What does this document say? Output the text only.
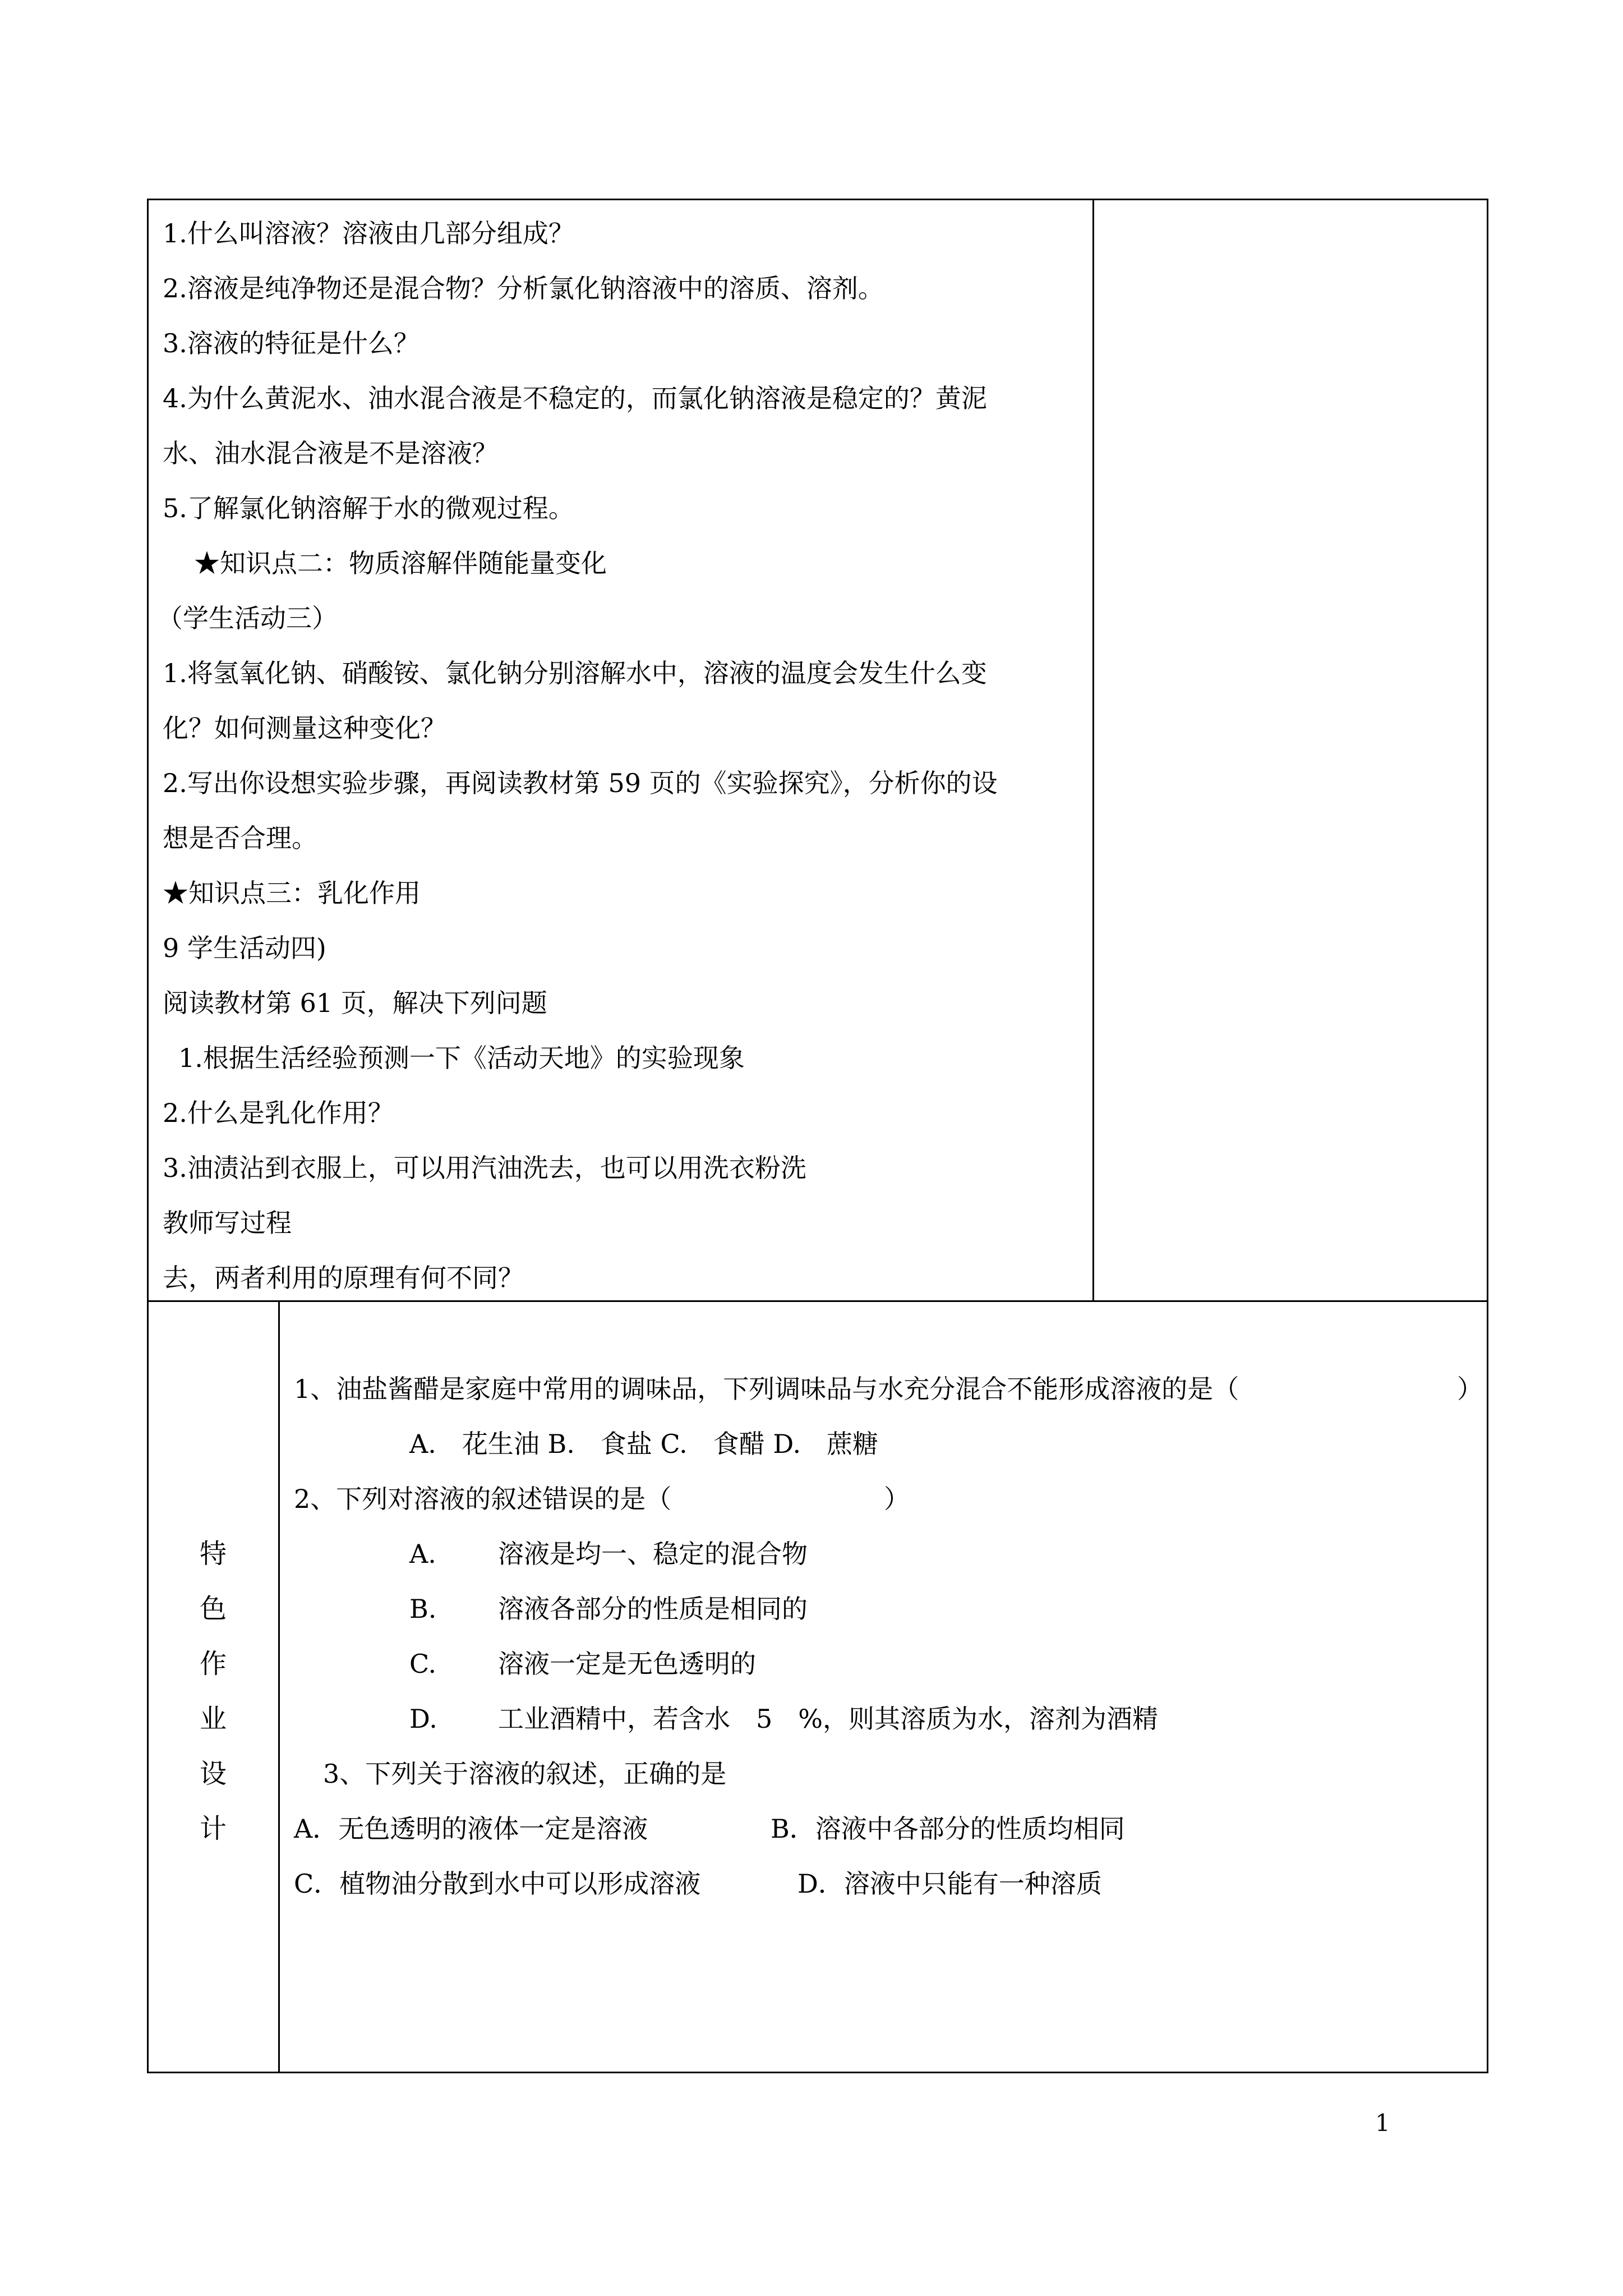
1.什么叫溶液？溶液由几部分组成？
2.溶液是纯净物还是混合物？分析氯化钠溶液中的溶质、溶剂。
3.溶液的特征是什么？
4.为什么黄泥水、油水混合液是不稳定的，而氯化钠溶液是稳定的？黄泥
水、油水混合液是不是溶液？
5.了解氯化钠溶解于水的微观过程。
★知识点二：物质溶解伴随能量变化
（学生活动三）
1.将氢氧化钠、硝酸铵、氯化钠分别溶解水中，溶液的温度会发生什么变
化？如何测量这种变化？
2.写出你设想实验步骤，再阅读教材第 59 页的《实验探究》，分析你的设
想是否合理。
★知识点三：乳化作用
9 学生活动四)
阅读教材第 61 页，解决下列问题
1.根据生活经验预测一下《活动天地》的实验现象
2.什么是乳化作用？
3.油渍沾到衣服上，可以用汽油洗去，也可以用洗衣粉洗
教师写过程
去，两者利用的原理有何不同？
特
色
作
业
设
计
1、油盐酱醋是家庭中常用的调味品，下列调味品与水充分混合不能形成溶液的是（	）
A.　花生油 B.　食盐 C.　食醋 D.　蔗糖
2、下列对溶液的叙述错误的是（	）
A. 溶液是均一、稳定的混合物
B. 溶液各部分的性质是相同的
C. 溶液一定是无色透明的
D. 工业酒精中，若含水　5　%，则其溶质为水，溶剂为酒精
3、下列关于溶液的叙述，正确的是
A．无色透明的液体一定是溶液	B．溶液中各部分的性质均相同
C．植物油分散到水中可以形成溶液	D．溶液中只能有一种溶质
1
